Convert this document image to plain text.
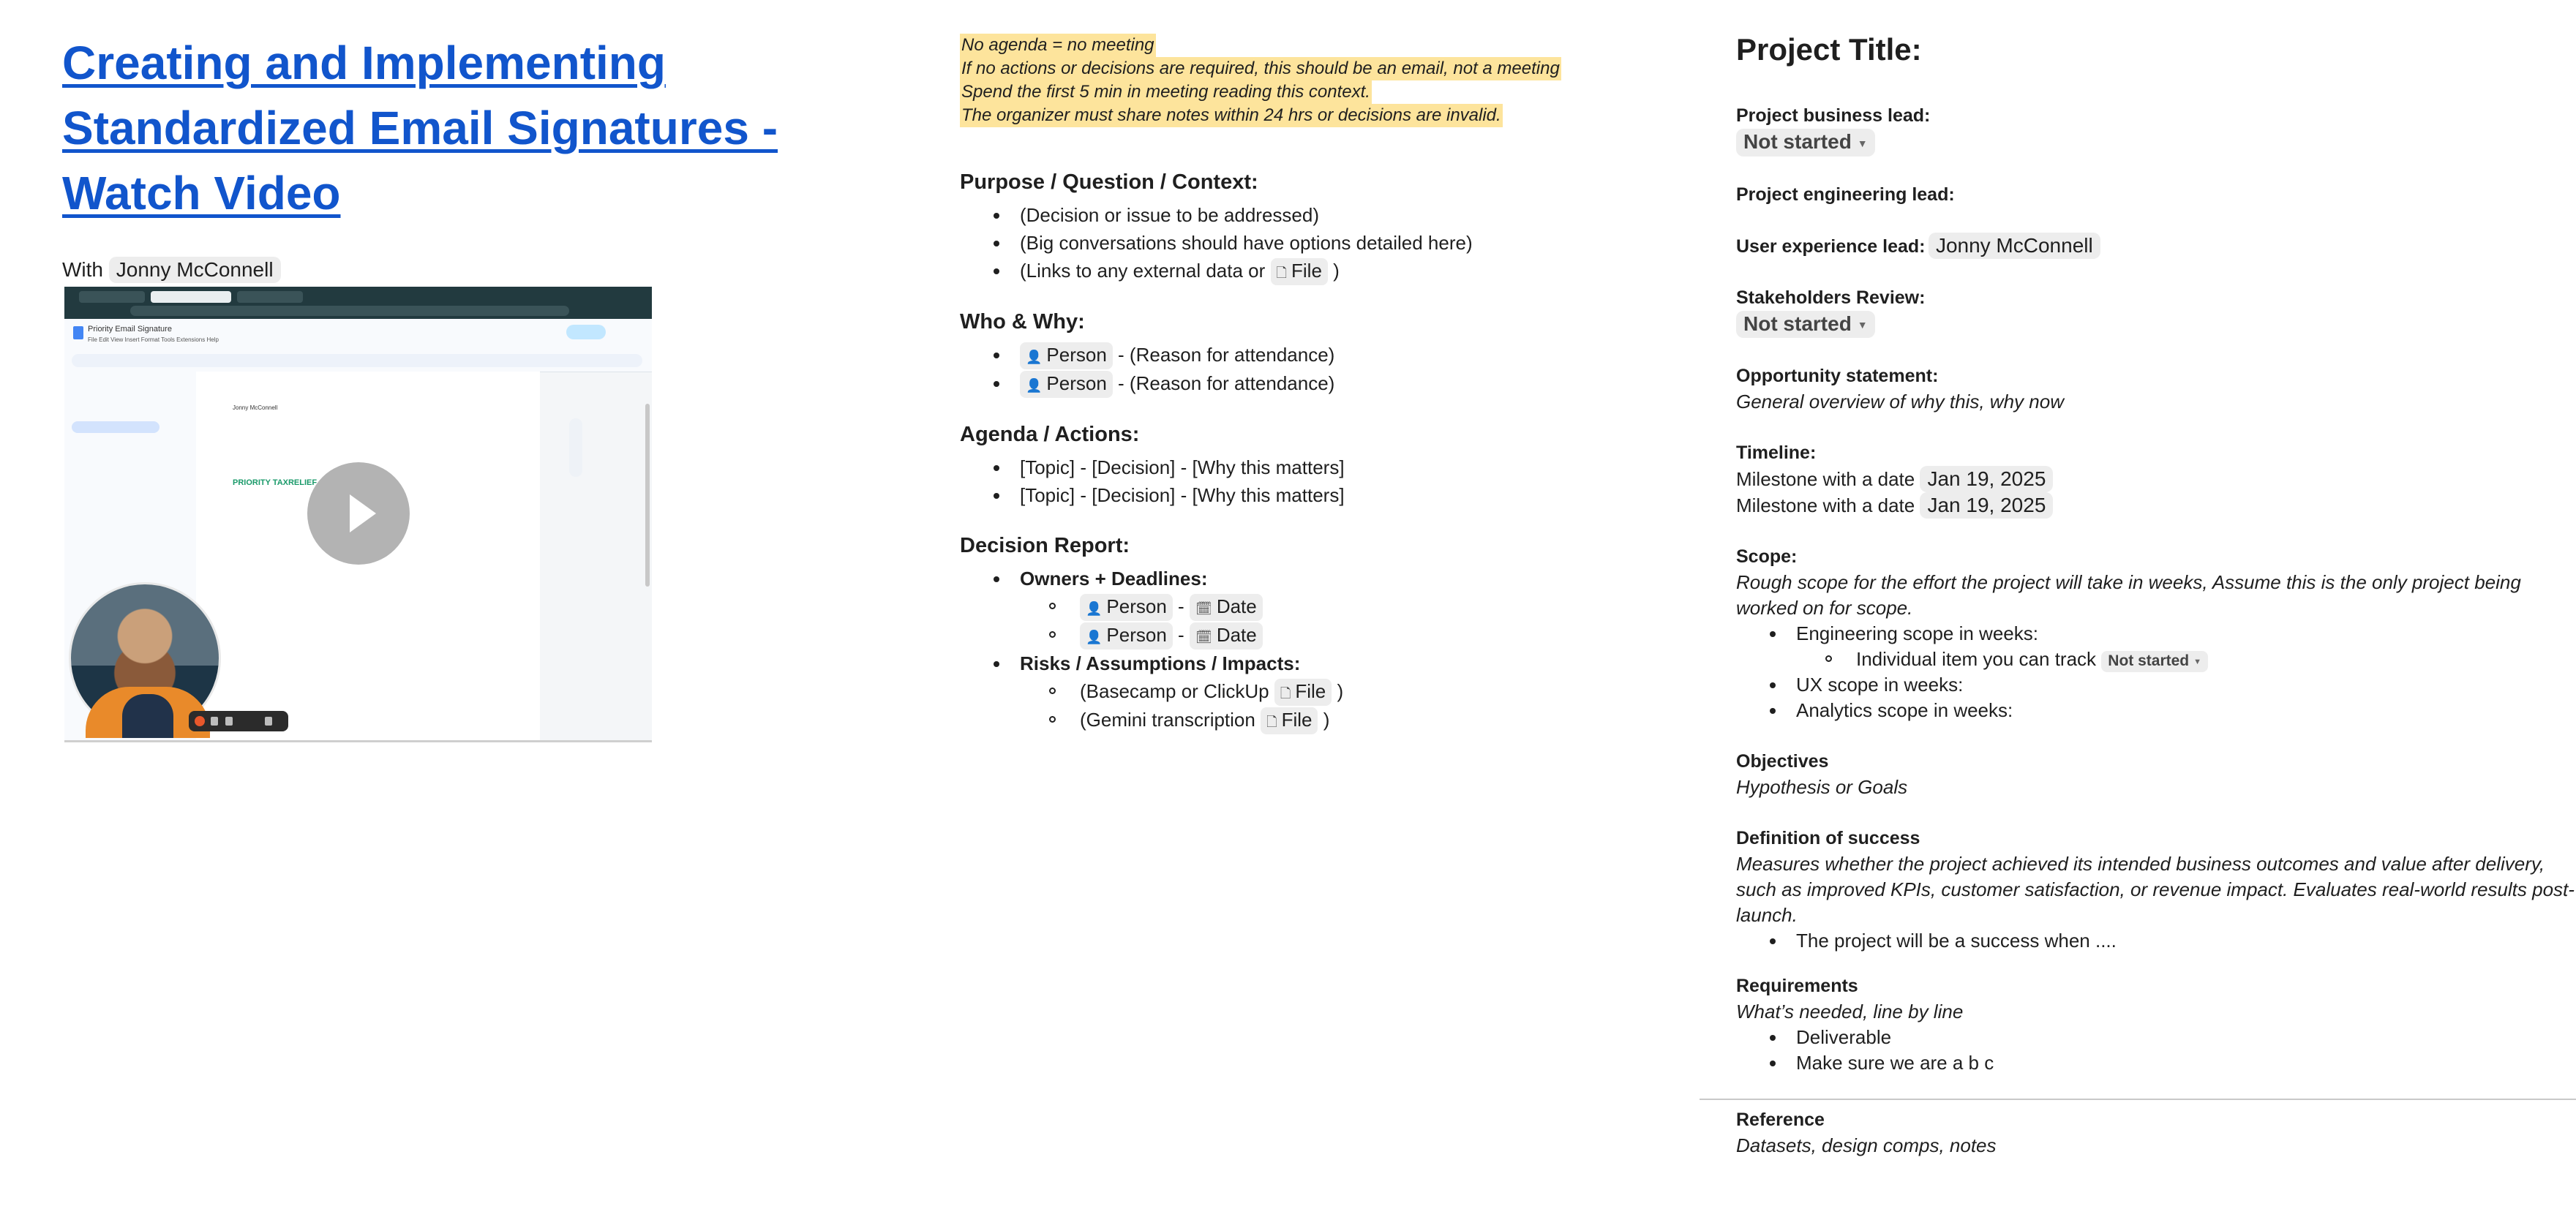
Creating and Implementing Standardized Email Signatures - Watch Video
With Jonny McConnell
Priority Email Signature
File Edit View Insert Format Tools Extensions Help
Jonny McConnell
PRIORITY TAXRELIEF
No agenda = no meeting
If no actions or decisions are required, this should be an email, not a meeting
Spend the first 5 min in meeting reading this context.
The organizer must share notes within 24 hrs or decisions are invalid.
Purpose / Question / Context:
(Decision or issue to be addressed)
(Big conversations should have options detailed here)
(Links to any external data or 🗋 File )
Who & Why:
👤 Person - (Reason for attendance)
👤 Person - (Reason for attendance)
Agenda / Actions:
[Topic] - [Decision] - [Why this matters]
[Topic] - [Decision] - [Why this matters]
Decision Report:
Owners + Deadlines:
👤 Person - 🗓 Date
👤 Person - 🗓 Date
Risks / Assumptions / Impacts:
(Basecamp or ClickUp 🗋 File )
(Gemini transcription 🗋 File )
Project Title:
Project business lead:
Not started ▼
Project engineering lead:
User experience lead: Jonny McConnell
Stakeholders Review:
Not started ▼
Opportunity statement:
General overview of why this, why now
Timeline:
Milestone with a date Jan 19, 2025
Milestone with a date Jan 19, 2025
Scope:
Rough scope for the effort the project will take in weeks, Assume this is the only project being worked on for scope.
Engineering scope in weeks:
Individual item you can track Not started ▼
UX scope in weeks:
Analytics scope in weeks:
Objectives
Hypothesis or Goals
Definition of success
Measures whether the project achieved its intended business outcomes and value after delivery, such as improved KPIs, customer satisfaction, or revenue impact. Evaluates real-world results post-launch.
The project will be a success when ....
Requirements
What’s needed, line by line
Deliverable
Make sure we are a b c
Reference
Datasets, design comps, notes
